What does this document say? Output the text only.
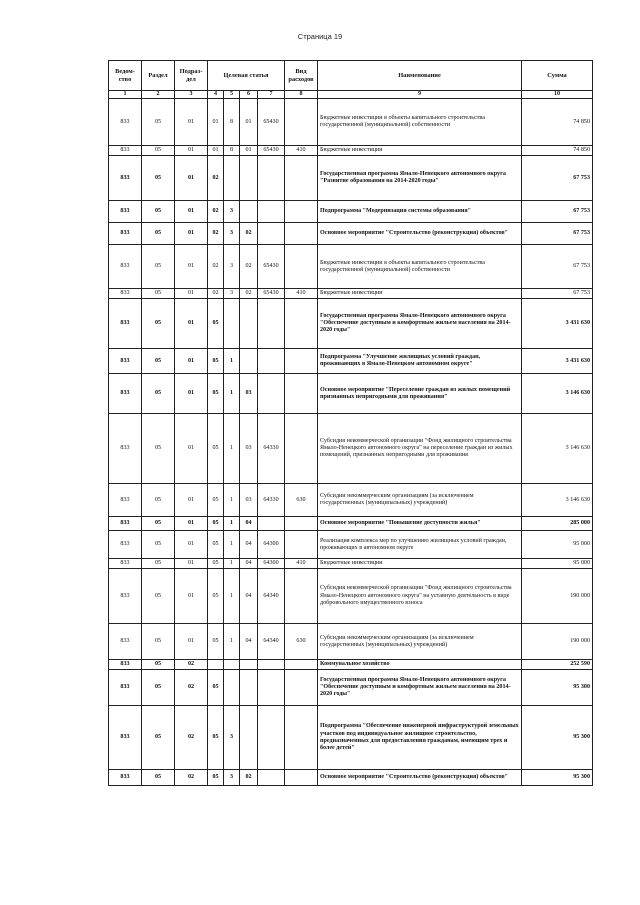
Страница 19
Ведом-ство	Раздел	Подраз-дел	Целевая статья				Вид расходов	Наименование	Сумма
1	2	3	4	5	6	7	8	9	10
833	05	01	01	8	01	65430		Бюджетные инвестиции в объекты капитального строительства государственной (муниципальной) собственности	74 850
833	05	01	01	8	01	65430	410	Бюджетные инвестиции	74 850
833	05	01	02					Государственная программа Ямало-Ненецкого автономного округа "Развитие образования на 2014-2020 годы"	67 753
833	05	01	02	3				Подпрограмма "Модернизация системы образования"	67 753
833	05	01	02	3	02			Основное мероприятие "Строительство (реконструкция) объектов"	67 753
833	05	01	02	3	02	65430		Бюджетные инвестиции в объекты капитального строительства государственной (муниципальной) собственности	67 753
833	05	01	02	3	02	65430	410	Бюджетные инвестиции	67 753
833	05	01	05					Государственная программа Ямало-Ненецкого автономного округа "Обеспечение доступным и комфортным жильем населения на 2014-2020 годы"	3 431 630
833	05	01	05	1				Подпрограмма "Улучшение жилищных условий граждан, проживающих в Ямало-Ненецком автономном округе"	3 431 630
833	05	01	05	1	03			Основное мероприятие "Переселение граждан из жилых помещений признанных непригодными для проживания"	3 146 630
833	05	01	05	1	03	64330		Субсидия некоммерческой организации "Фонд жилищного строительства Ямало-Ненецкого автономного округа" на переселение граждан из жилых помещений, признанных непригодными для проживания	3 146 630
833	05	01	05	1	03	64330	630	Субсидии некоммерческим организациям (за исключением государственных (муниципальных) учреждений)	3 146 630
833	05	01	05	1	04			Основное мероприятие "Повышение доступности жилья"	285 000
833	05	01	05	1	04	64300		Реализация комплекса мер по улучшению жилищных условий граждан, проживающих в автономном округе	95 000
833	05	01	05	1	04	64300	410	Бюджетные инвестиции	95 000
833	05	01	05	1	04	64340		Субсидия некоммерческой организации "Фонд жилищного строительства Ямало-Ненецкого автономного округа" на уставную деятельность в виде добровольного имущественного взноса	190 000
833	05	01	05	1	04	64340	630	Субсидии некоммерческим организациям (за исключением государственных (муниципальных) учреждений)	190 000
833	05	02						Коммунальное хозяйство	252 590
833	05	02	05					Государственная программа Ямало-Ненецкого автономного округа "Обеспечение доступным и комфортным жильем населения на 2014-2020 годы"	95 300
833	05	02	05	3				Подпрограмма "Обеспечение инженерной инфраструктурой земельных участков под индивидуальное жилищное строительство, предназначенных для предоставления гражданам, имеющим трех и более детей"	95 300
833	05	02	05	3	02			Основное мероприятие "Строительство (реконструкция) объектов"	95 300
